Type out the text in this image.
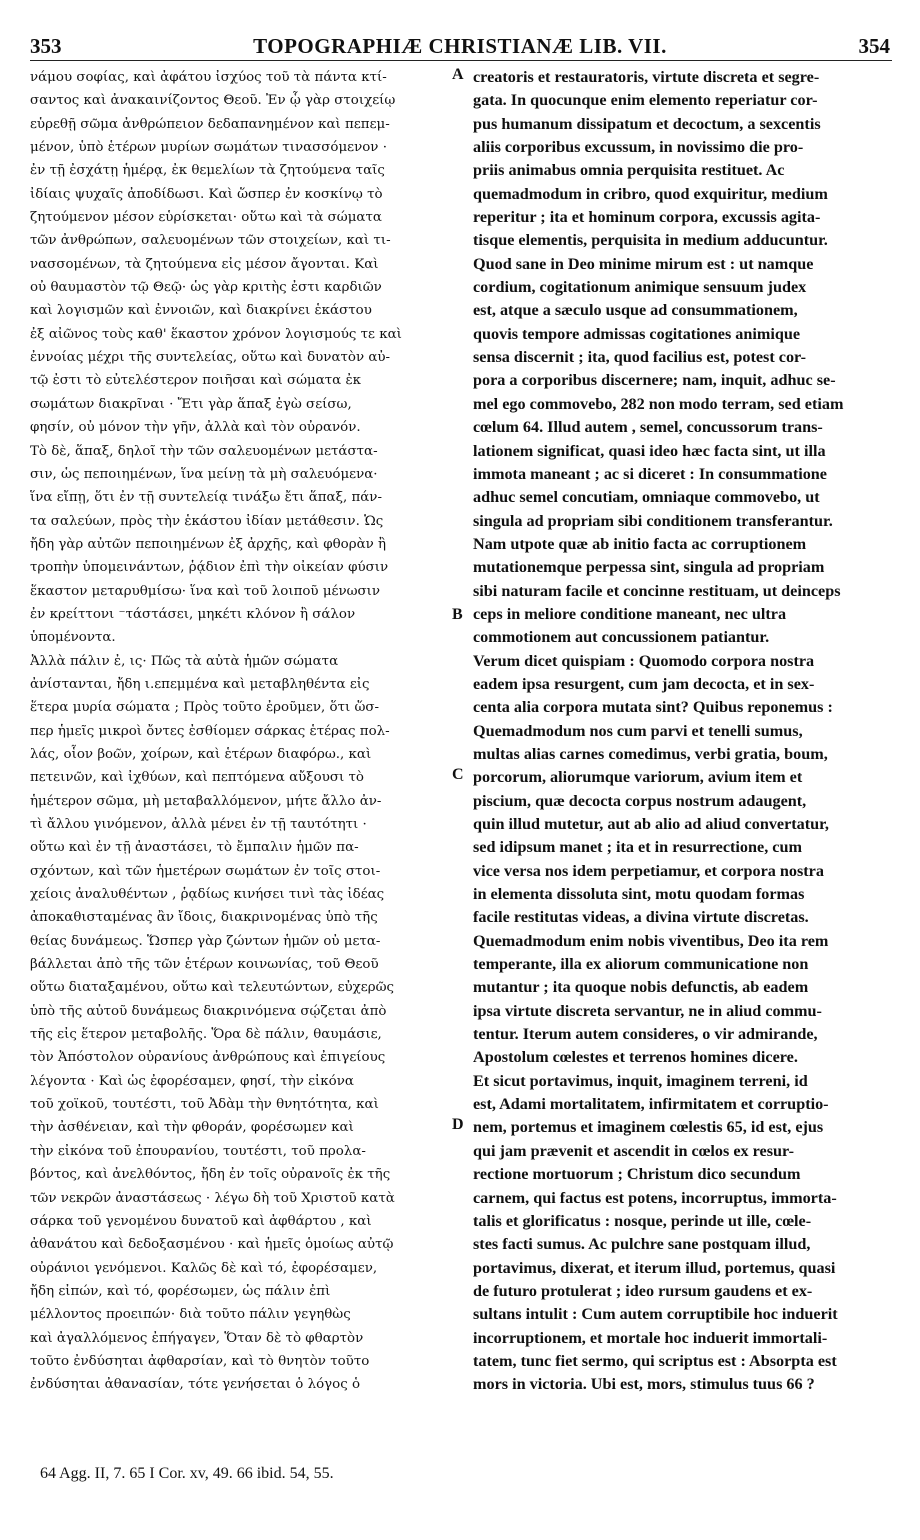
353	TOPOGRAPHIÆ CHRISTIANÆ LIB. VII.	354
νάμου σοφίας, καὶ ἀφάτου ἰσχύος τοῦ τὰ πάντα κτί-
σαντος καὶ ἀνακαινίζοντος Θεοῦ. Ἐν ᾧ γὰρ στοιχείῳ
εὑρεθῇ σῶμα ἀνθρώπειον δεδαπανημένον καὶ πεπεμ-
μένον, ὑπὸ ἑτέρων μυρίων σωμάτων τινασσόμενον ·
ἐν τῇ ἐσχάτῃ ἡμέρᾳ, ἐκ θεμελίων τὰ ζητούμενα ταῖς
ἰδίαις ψυχαῖς ἀποδίδωσι. Καὶ ὥσπερ ἐν κοσκίνῳ τὸ
ζητούμενον μέσον εὑρίσκεται· οὕτω καὶ τὰ σώματα
τῶν ἀνθρώπων, σαλευομένων τῶν στοιχείων, καὶ τι-
νασσομένων, τὰ ζητούμενα εἰς μέσον ἄγονται. Καὶ
οὐ θαυμαστὸν τῷ Θεῷ· ὡς γὰρ κριτὴς ἐστι καρδιῶν
καὶ λογισμῶν καὶ ἐννοιῶν, καὶ διακρίνει ἑκάστου
ἐξ αἰῶνος τοὺς καθ' ἕκαστον χρόνον λογισμούς τε καὶ
ἐννοίας μέχρι τῆς συντελείας, οὕτω καὶ δυνατὸν αὐ-
τῷ ἐστι τὸ εὐτελέστερον ποιῆσαι καὶ σώματα ἐκ
σωμάτων διακρῖναι · Ἔτι γὰρ ἅπαξ ἐγὼ σείσω,
φησίν, οὐ μόνον τὴν γῆν, ἀλλὰ καὶ τὸν οὐρανόν.
Τὸ δὲ, ἅπαξ, δηλοῖ τὴν τῶν σαλευομένων μετάστα-
σιν, ὡς πεποιημένων, ἵνα μείνῃ τὰ μὴ σαλευόμενα·
ἵνα εἴπῃ, ὅτι ἐν τῇ συντελείᾳ τινάξω ἔτι ἅπαξ, πάν-
τα σαλεύων, πρὸς τὴν ἑκάστου ἰδίαν μετάθεσιν. Ὡς
ἤδη γὰρ αὐτῶν πεποιημένων ἐξ ἀρχῆς, καὶ φθορὰν ἢ
τροπὴν ὑπομεινάντων, ῥᾴδιον ἐπὶ τὴν οἰκείαν φύσιν
ἕκαστον μεταρυθμίσω· ἵνα καὶ τοῦ λοιποῦ μένωσιν
ἐν κρείττονι ⁻τάστάσει, μηκέτι κλόνον ἢ σάλον
ὑπομένοντα.
Ἀλλὰ πάλιν ἐ, ις· Πῶς τὰ αὐτὰ ἡμῶν σώματα
ἀνίστανται, ἤδη ι.επεμμένα καὶ μεταβληθέντα εἰς
ἕτερα μυρία σώματα ; Πρὸς τοῦτο ἐροῦμεν, ὅτι ὥσ-
περ ἡμεῖς μικροὶ ὄντες ἐσθίομεν σάρκας ἑτέρας πολ-
λάς, οἷον βοῶν, χοίρων, καὶ ἑτέρων διαφόρω., καὶ
πετεινῶν, καὶ ἰχθύων, καὶ πεπτόμενα αὔξουσι τὸ
ἡμέτερον σῶμα, μὴ μεταβαλλόμενον, μήτε ἄλλο ἀν-
τὶ ἄλλου γινόμενον, ἀλλὰ μένει ἐν τῇ ταυτότητι ·
οὕτω καὶ ἐν τῇ ἀναστάσει, τὸ ἔμπαλιν ἡμῶν πα-
σχόντων, καὶ τῶν ἡμετέρων σωμάτων ἐν τοῖς στοι-
χείοις ἀναλυθέντων , ῥᾳδίως κινήσει τινὶ τὰς ἰδέας
ἀποκαθισταμένας ἂν ἴδοις, διακρινομένας ὑπὸ τῆς
θείας δυνάμεως. Ὥσπερ γὰρ ζώντων ἡμῶν οὐ μετα-
βάλλεται ἀπὸ τῆς τῶν ἑτέρων κοινωνίας, τοῦ Θεοῦ
οὕτω διαταξαμένου, οὕτω καὶ τελευτώντων, εὐχερῶς
ὑπὸ τῆς αὐτοῦ δυνάμεως διακρινόμενα σῴζεται ἀπὸ
τῆς εἰς ἕτερον μεταβολῆς. Ὅρα δὲ πάλιν, θαυμάσιε,
τὸν Ἀπόστολον οὐρανίους ἀνθρώπους καὶ ἐπιγείους
λέγοντα · Καὶ ὡς ἐφορέσαμεν, φησί, τὴν εἰκόνα
τοῦ χοϊκοῦ, τουτέστι, τοῦ Ἀδὰμ τὴν θνητότητα, καὶ
τὴν ἀσθένειαν, καὶ τὴν φθοράν, φορέσωμεν καὶ
τὴν εἰκόνα τοῦ ἐπουρανίου, τουτέστι, τοῦ προλα-
βόντος, καὶ ἀνελθόντος, ἤδη ἐν τοῖς οὐρανοῖς ἐκ τῆς
τῶν νεκρῶν ἀναστάσεως · λέγω δὴ τοῦ Χριστοῦ κατὰ
σάρκα τοῦ γενομένου δυνατοῦ καὶ ἀφθάρτου , καὶ
ἀθανάτου καὶ δεδοξασμένου · καὶ ἡμεῖς ὁμοίως αὐτῷ
οὐράνιοι γενόμενοι. Καλῶς δὲ καὶ τό, ἐφορέσαμεν,
ἤδη εἰπών, καὶ τό, φορέσωμεν, ὡς πάλιν ἐπὶ
μέλλοντος προειπών· διὰ τοῦτο πάλιν γεγηθὼς
καὶ ἀγαλλόμενος ἐπήγαγεν, Ὅταν δὲ τὸ φθαρτὸν
τοῦτο ἐνδύσηται ἀφθαρσίαν, καὶ τὸ θνητὸν τοῦτο
ἐνδύσηται ἀθανασίαν, τότε γενήσεται ὁ λόγος ὁ
A
B
C
D
creatoris et restauratoris, virtute discreta et segre-
gata. In quocunque enim elemento reperiatur cor-
pus humanum dissipatum et decoctum, a sexcentis
aliis corporibus excussum, in novissimo die pro-
priis animabus omnia perquisita restituet. Ac
quemadmodum in cribro, quod exquiritur, medium
reperitur ; ita et hominum corpora, excussis agita-
tisque elementis, perquisita in medium adducuntur.
Quod sane in Deo minime mirum est : ut namque
cordium, cogitationum animique sensuum judex
est, atque a sæculo usque ad consummationem,
quovis tempore admissas cogitationes animique
sensa discernit ; ita, quod facilius est, potest cor-
pora a corporibus discernere; nam, inquit, adhuc se-
mel ego commovebo, 282 non modo terram, sed etiam
cœlum 64. Illud autem , semel, concussorum trans-
lationem significat, quasi ideo hæc facta sint, ut illa
immota maneant ; ac si diceret : In consummatione
adhuc semel concutiam, omniaque commovebo, ut
singula ad propriam sibi conditionem transferantur.
Nam utpote quæ ab initio facta ac corruptionem
mutationemque perpessa sint, singula ad propriam
sibi naturam facile et concinne restituam, ut deinceps
ceps in meliore conditione maneant, nec ultra
commotionem aut concussionem patiantur.
Verum dicet quispiam : Quomodo corpora nostra
eadem ipsa resurgent, cum jam decocta, et in sex-
centa alia corpora mutata sint? Quibus reponemus :
Quemadmodum nos cum parvi et tenelli sumus,
multas alias carnes comedimus, verbi gratia, boum,
porcorum, aliorumque variorum, avium item et
piscium, quæ decocta corpus nostrum adaugent,
quin illud mutetur, aut ab alio ad aliud convertatur,
sed idipsum manet ; ita et in resurrectione, cum
vice versa nos idem perpetiamur, et corpora nostra
in elementa dissoluta sint, motu quodam formas
facile restitutas videas, a divina virtute discretas.
Quemadmodum enim nobis viventibus, Deo ita rem
temperante, illa ex aliorum communicatione non
mutantur ; ita quoque nobis defunctis, ab eadem
ipsa virtute discreta servantur, ne in aliud commu-
tentur. Iterum autem consideres, o vir admirande,
Apostolum cœlestes et terrenos homines dicere.
Et sicut portavimus, inquit, imaginem terreni, id
est, Adami mortalitatem, infirmitatem et corruptio-
nem, portemus et imaginem cœlestis 65, id est, ejus
qui jam prævenit et ascendit in cœlos ex resur-
rectione mortuorum ; Christum dico secundum
carnem, qui factus est potens, incorruptus, immorta-
talis et glorificatus : nosque, perinde ut ille, cœle-
stes facti sumus. Ac pulchre sane postquam illud,
portavimus, dixerat, et iterum illud, portemus, quasi
de futuro protulerat ; ideo rursum gaudens et ex-
sultans intulit : Cum autem corruptibile hoc induerit
incorruptionem, et mortale hoc induerit immortali-
tatem, tunc fiet sermo, qui scriptus est : Absorpta est
mors in victoria. Ubi est, mors, stimulus tuus 66 ?
64 Agg. II, 7. 65 I Cor. xv, 49. 66 ibid. 54, 55.
